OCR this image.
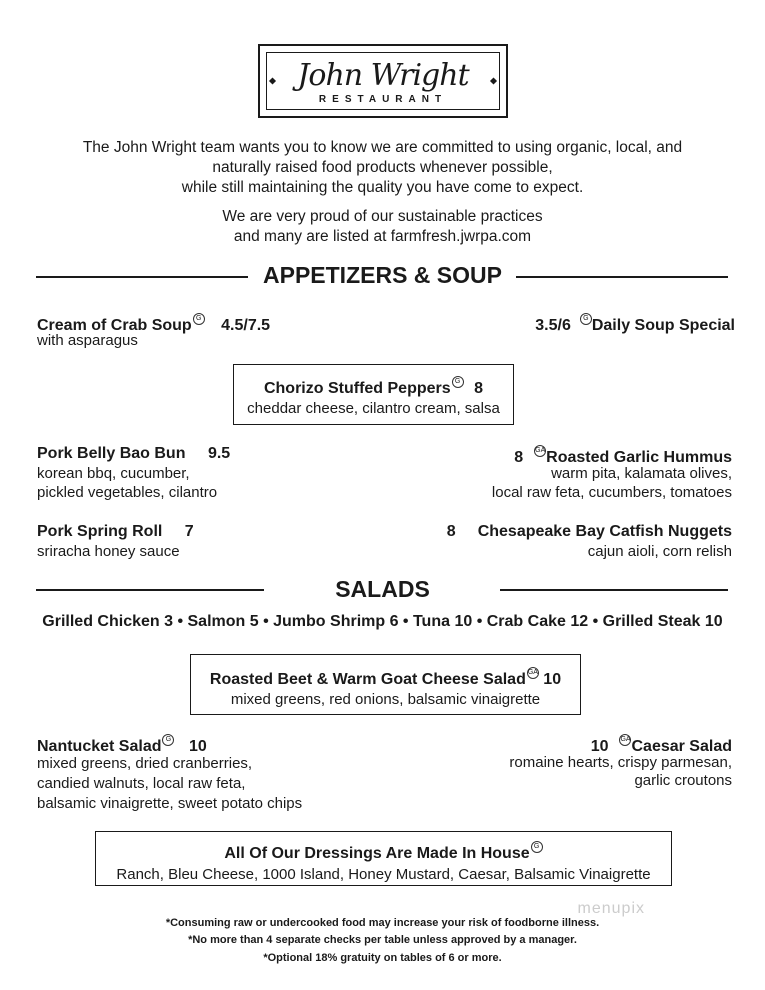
John Wright
RESTAURANT
The John Wright team wants you to know we are committed to using organic, local, and
naturally raised food products whenever possible,
while still maintaining the quality you have come to expect.
We are very proud of our sustainable practices
and many are listed at farmfresh.jwrpa.com
APPETIZERS & SOUP
Cream of Crab Soup G 4.5/7.5
with asparagus
3.5/6 G Daily Soup Special
Chorizo Stuffed Peppers G 8
cheddar cheese, cilantro cream, salsa
Pork Belly Bao Bun 9.5
korean bbq, cucumber,
pickled vegetables, cilantro
8 GARoasted Garlic Hummus
warm pita, kalamata olives,
local raw feta, cucumbers, tomatoes
Pork Spring Roll 7
sriracha honey sauce
8 Chesapeake Bay Catfish Nuggets
cajun aioli, corn relish
SALADS
Grilled Chicken 3 • Salmon 5 • Jumbo Shrimp 6 • Tuna 10 • Crab Cake 12 • Grilled Steak 10
Roasted Beet & Warm Goat Cheese Salad GA 10
mixed greens, red onions, balsamic vinaigrette
Nantucket Salad G 10
mixed greens, dried cranberries,
candied walnuts, local raw feta,
balsamic vinaigrette, sweet potato chips
10 GACaesar Salad
romaine hearts, crispy parmesan,
garlic croutons
All Of Our Dressings Are Made In House G
Ranch, Bleu Cheese, 1000 Island, Honey Mustard, Caesar, Balsamic Vinaigrette
*Consuming raw or undercooked food may increase your risk of foodborne illness.
*No more than 4 separate checks per table unless approved by a manager.
*Optional 18% gratuity on tables of 6 or more.
menupix
